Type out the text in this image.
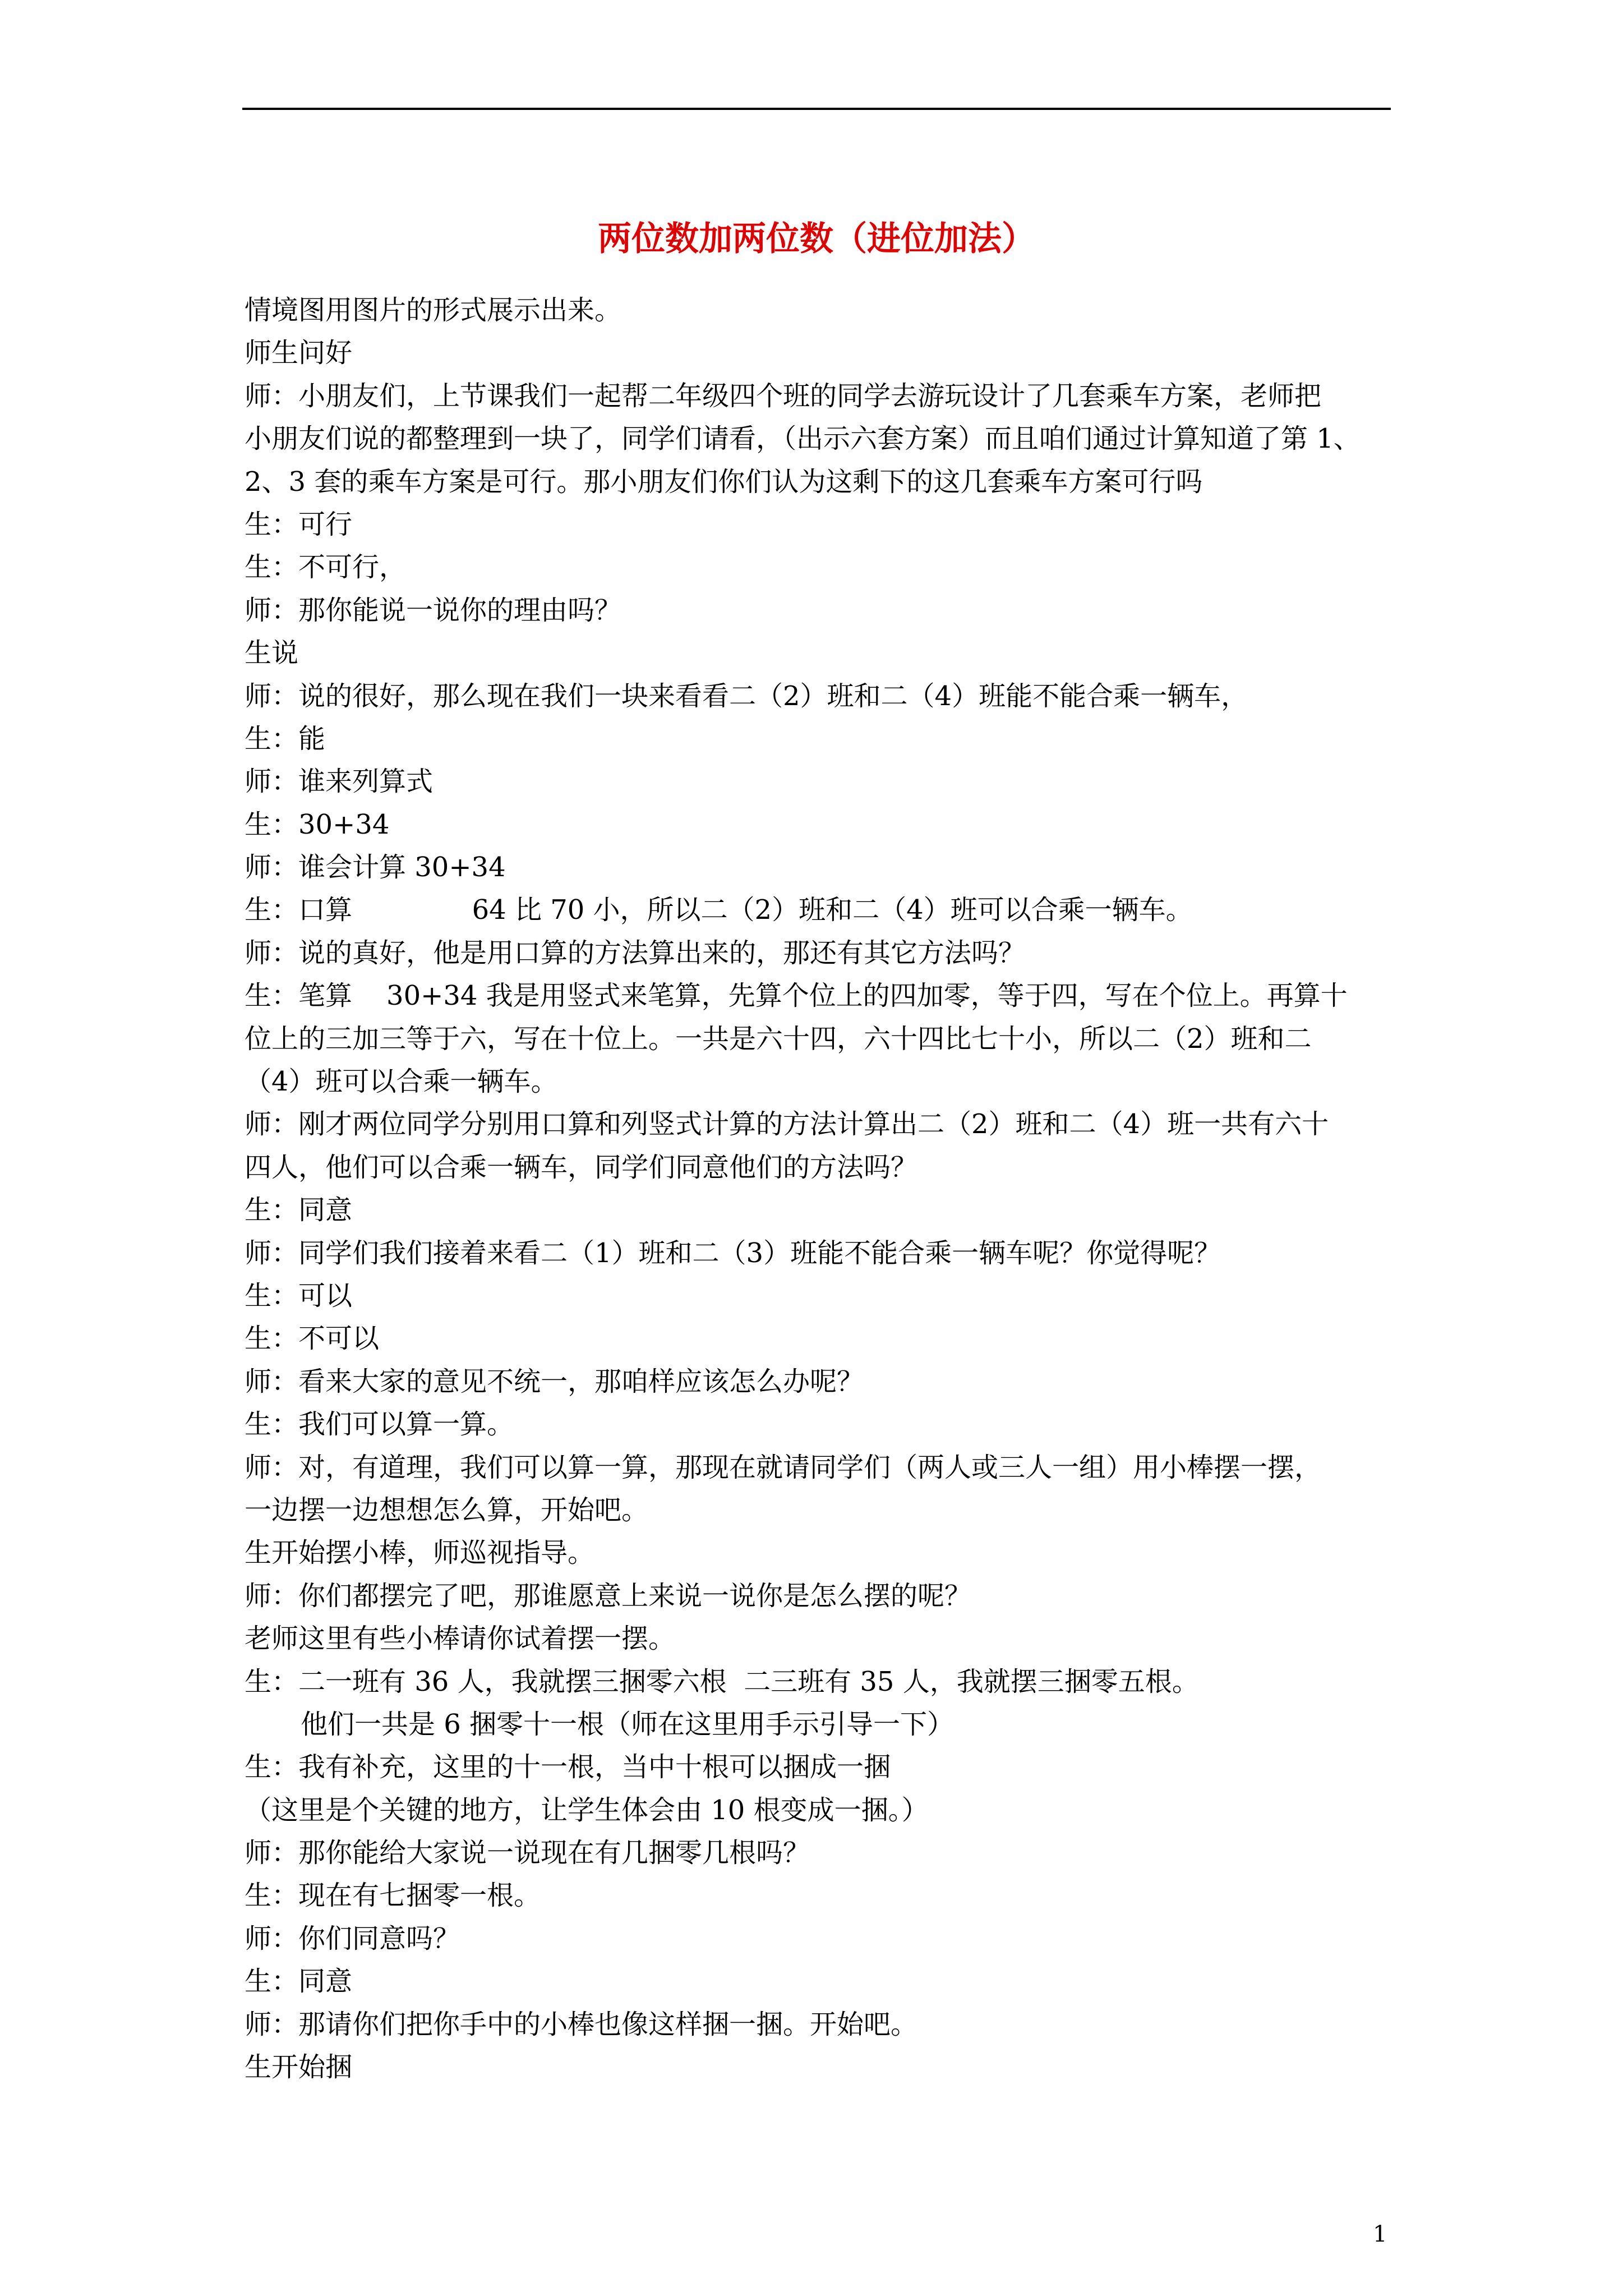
两位数加两位数（进位加法）
情境图用图片的形式展示出来。
师生问好
师：小朋友们，上节课我们一起帮二年级四个班的同学去游玩设计了几套乘车方案，老师把
小朋友们说的都整理到一块了，同学们请看，（出示六套方案）而且咱们通过计算知道了第 1、
2、3 套的乘车方案是可行。那小朋友们你们认为这剩下的这几套乘车方案可行吗
生：可行
生：不可行，
师：那你能说一说你的理由吗？
生说
师：说的很好，那么现在我们一块来看看二（2）班和二（4）班能不能合乘一辆车，
生：能
师：谁来列算式
生：30+34
师：谁会计算 30+34
生：口算              64 比 70 小，所以二（2）班和二（4）班可以合乘一辆车。
师：说的真好，他是用口算的方法算出来的，那还有其它方法吗？
生：笔算    30+34 我是用竖式来笔算，先算个位上的四加零，等于四，写在个位上。再算十
位上的三加三等于六，写在十位上。一共是六十四，六十四比七十小，所以二（2）班和二
（4）班可以合乘一辆车。
师：刚才两位同学分别用口算和列竖式计算的方法计算出二（2）班和二（4）班一共有六十
四人，他们可以合乘一辆车，同学们同意他们的方法吗？
生：同意
师：同学们我们接着来看二（1）班和二（3）班能不能合乘一辆车呢？你觉得呢？
生：可以
生：不可以
师：看来大家的意见不统一，那咱样应该怎么办呢？
生：我们可以算一算。
师：对，有道理，我们可以算一算，那现在就请同学们（两人或三人一组）用小棒摆一摆，
一边摆一边想想怎么算，开始吧。
生开始摆小棒，师巡视指导。
师：你们都摆完了吧，那谁愿意上来说一说你是怎么摆的呢？
老师这里有些小棒请你试着摆一摆。
生：二一班有 36 人，我就摆三捆零六根  二三班有 35 人，我就摆三捆零五根。
他们一共是 6 捆零十一根（师在这里用手示引导一下）
生：我有补充，这里的十一根，当中十根可以捆成一捆
（这里是个关键的地方，让学生体会由 10 根变成一捆。）
师：那你能给大家说一说现在有几捆零几根吗？
生：现在有七捆零一根。
师：你们同意吗？
生：同意
师：那请你们把你手中的小棒也像这样捆一捆。开始吧。
生开始捆
1
